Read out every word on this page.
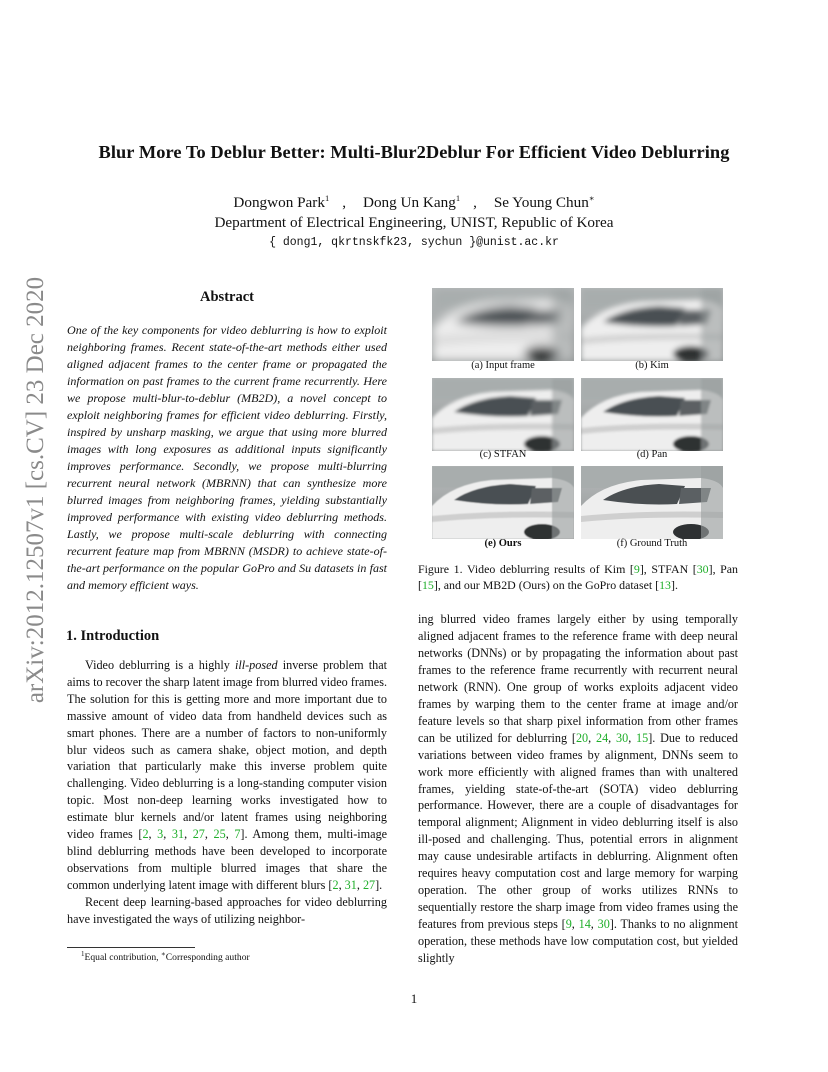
Blur More To Deblur Better: Multi-Blur2Deblur For Efficient Video Deblurring
Dongwon Park$^1$ , Dong Un Kang$^1$ , Se Young Chun∗
Department of Electrical Engineering, UNIST, Republic of Korea
{ dong1, qkrtnskfk23, sychun }@unist.ac.kr
arXiv:2012.12507v1 [cs.CV] 23 Dec 2020	Abstract

One of the key components for video deblurring is how to exploit neighboring frames. Recent state-of-the-art methods either used aligned adjacent frames to the center frame or propagated the information on past frames to the current frame recurrently. Here we propose multi-blur-to-deblur (MB2D), a novel concept to exploit neighboring frames for efficient video deblurring. Firstly, inspired by unsharp masking, we argue that using more blurred images with long exposures as additional inputs significantly improves performance. Secondly, we propose multi-blurring recurrent neural network (MBRNN) that can synthesize more blurred images from neighboring frames, yielding substantially improved performance with existing video deblurring methods. Lastly, we propose multi-scale deblurring with connecting recurrent feature map from MBRNN (MSDR) to achieve state-of-the-art performance on the popular GoPro and Su datasets in fast and memory efficient ways.

1. Introduction

Video deblurring is a highly ill-posed inverse problem that aims to recover the sharp latent image from blurred video frames. The solution for this is getting more and more important due to massive amount of video data from handheld devices such as smart phones. There are a number of factors to non-uniformly blur videos such as camera shake, object motion, and depth variation that particularly make this inverse problem quite challenging. Video deblurring is a long-standing computer vision topic. Most non-deep learning works investigated how to estimate blur kernels and/or latent frames using neighboring video frames [2, 3, 31, 27, 25, 7]. Among them, multi-image blind deblurring methods have been developed to incorporate observations from multiple blurred images that share the common underlying latent image with different blurs [2, 31, 27].

Recent deep learning-based approaches for video deblurring have investigated the ways of utilizing neighbor-

$^1$Equal contribution, ∗Corresponding author
(a) Input frame	(b) Kim
(c) STFAN	(d) Pan
(e) Ours	(f) Ground Truth
Figure 1. Video deblurring results of Kim [9], STFAN [30], Pan [15], and our MB2D (Ours) on the GoPro dataset [13].

ing blurred video frames largely either by using temporally aligned adjacent frames to the reference frame with deep neural networks (DNNs) or by propagating the information about past frames to the reference frame recurrently with recurrent neural network (RNN). One group of works exploits adjacent video frames by warping them to the center frame at image and/or feature levels so that sharp pixel information from other frames can be utilized for deblurring [20, 24, 30, 15]. Due to reduced variations between video frames by alignment, DNNs seem to work more efficiently with aligned frames than with unaltered frames, yielding state-of-the-art (SOTA) video deblurring performance. However, there are a couple of disadvantages for temporal alignment; Alignment in video deblurring itself is also ill-posed and challenging. Thus, potential errors in alignment may cause undesirable artifacts in deblurring. Alignment often requires heavy computation cost and large memory for warping operation. The other group of works utilizes RNNs to sequentially restore the sharp image from video frames using the features from previous steps [9, 14, 30]. Thanks to no alignment operation, these methods have low computation cost, but yielded slightly

1
